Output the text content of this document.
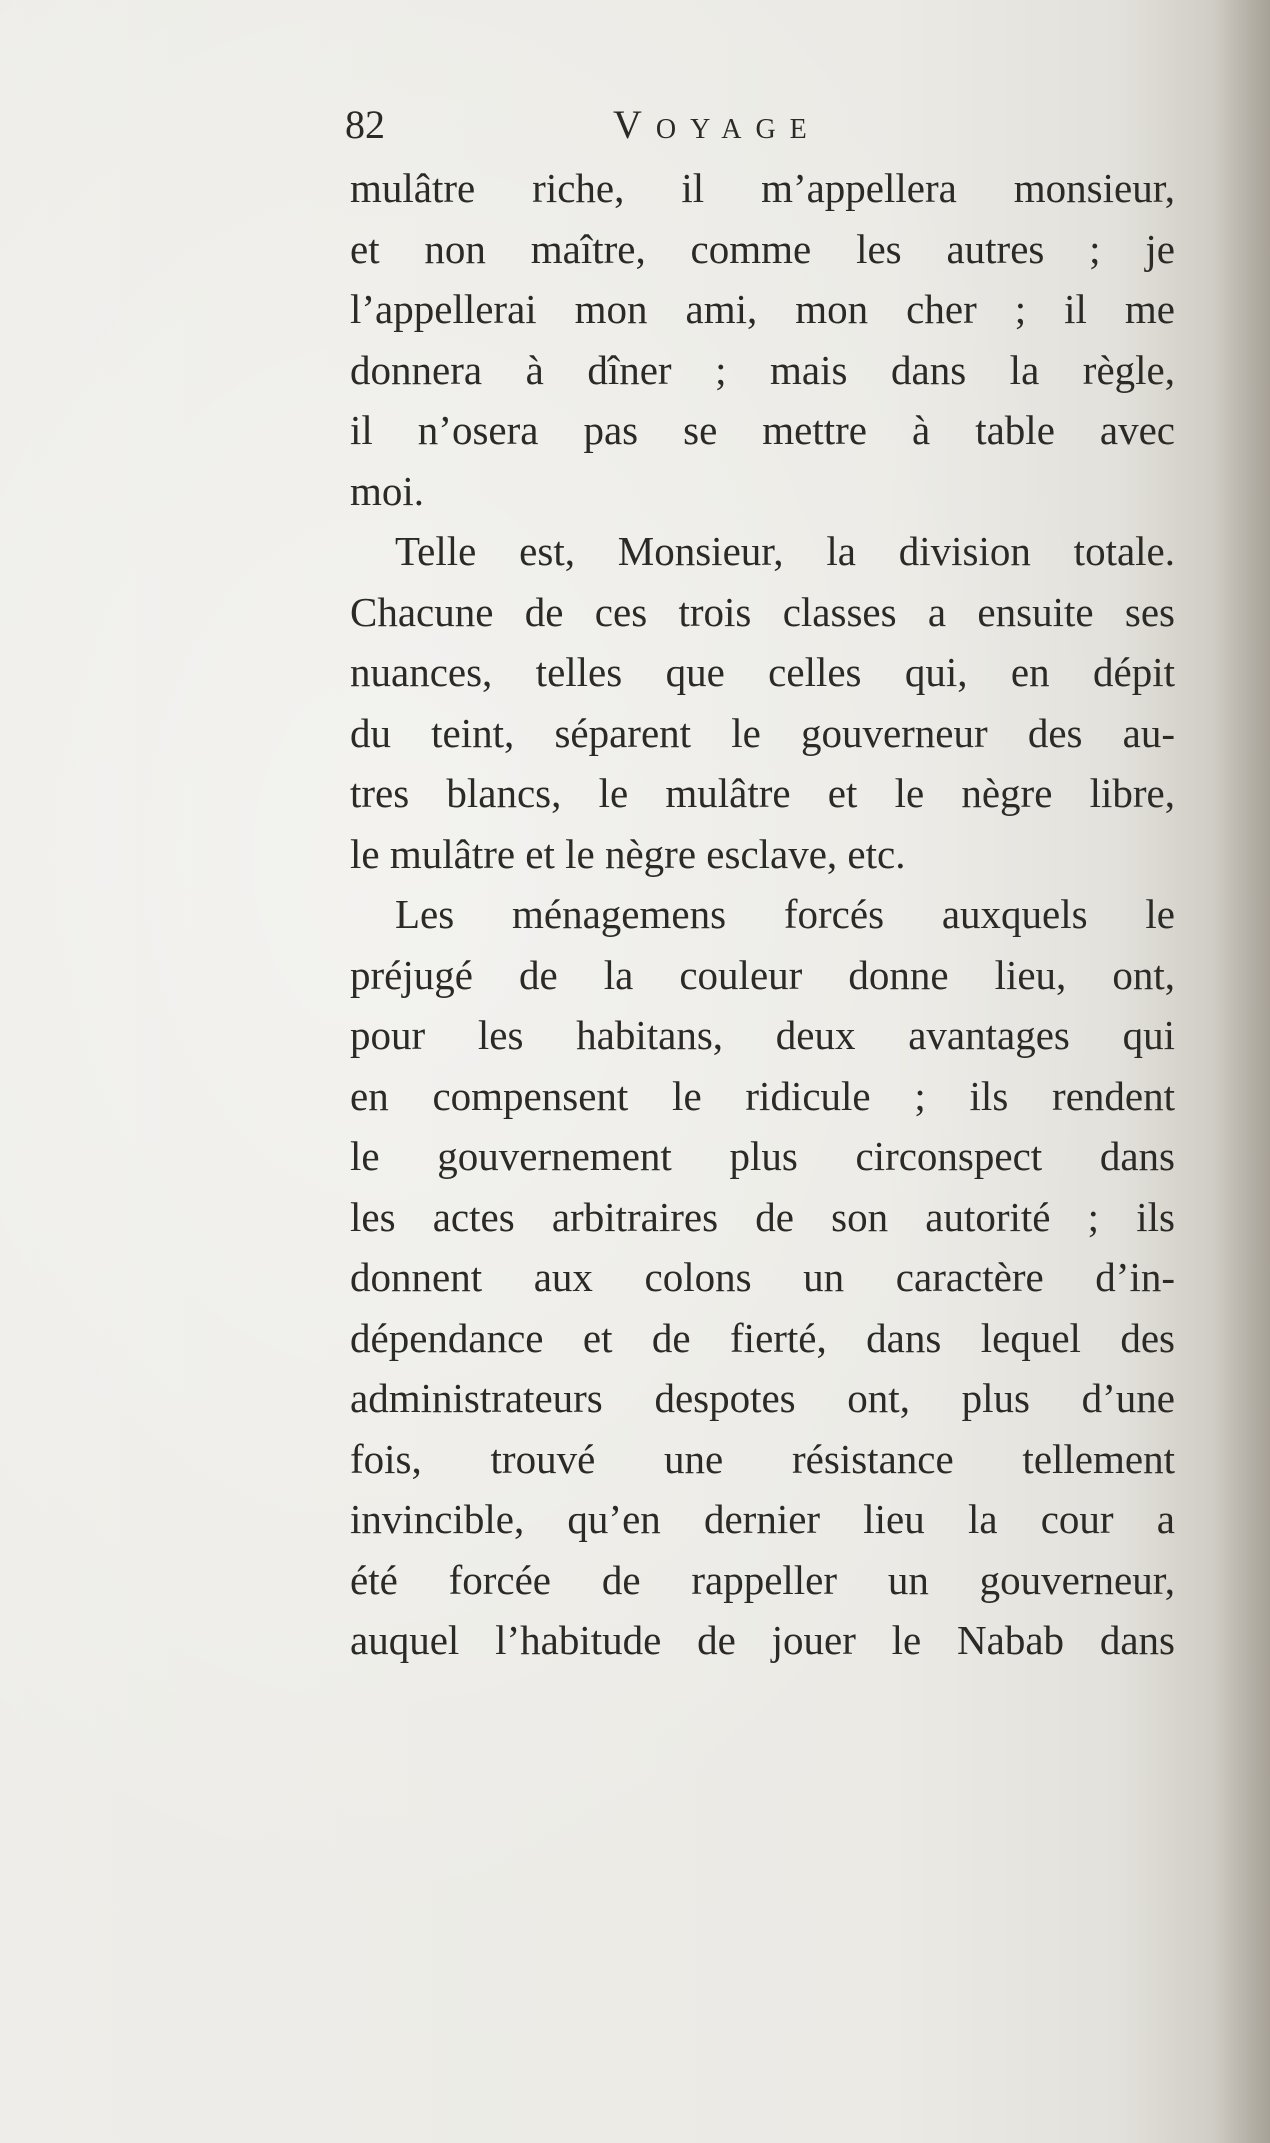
82	Voyage
mulâtre riche, il m’appellera monsieur,
et non maître, comme les autres ; je
l’appellerai mon ami, mon cher ; il me
donnera à dîner ; mais dans la règle,
il n’osera pas se mettre à table avec
moi.
Telle est, Monsieur, la division totale.
Chacune de ces trois classes a ensuite ses
nuances, telles que celles qui, en dépit
du teint, séparent le gouverneur des au-
tres blancs, le mulâtre et le nègre libre,
le mulâtre et le nègre esclave, etc.
Les ménagemens forcés auxquels le
préjugé de la couleur donne lieu, ont,
pour les habitans, deux avantages qui
en compensent le ridicule ; ils rendent
le gouvernement plus circonspect dans
les actes arbitraires de son autorité ; ils
donnent aux colons un caractère d’in-
dépendance et de fierté, dans lequel des
administrateurs despotes ont, plus d’une
fois, trouvé une résistance tellement
invincible, qu’en dernier lieu la cour a
été forcée de rappeller un gouverneur,
auquel l’habitude de jouer le Nabab dans
